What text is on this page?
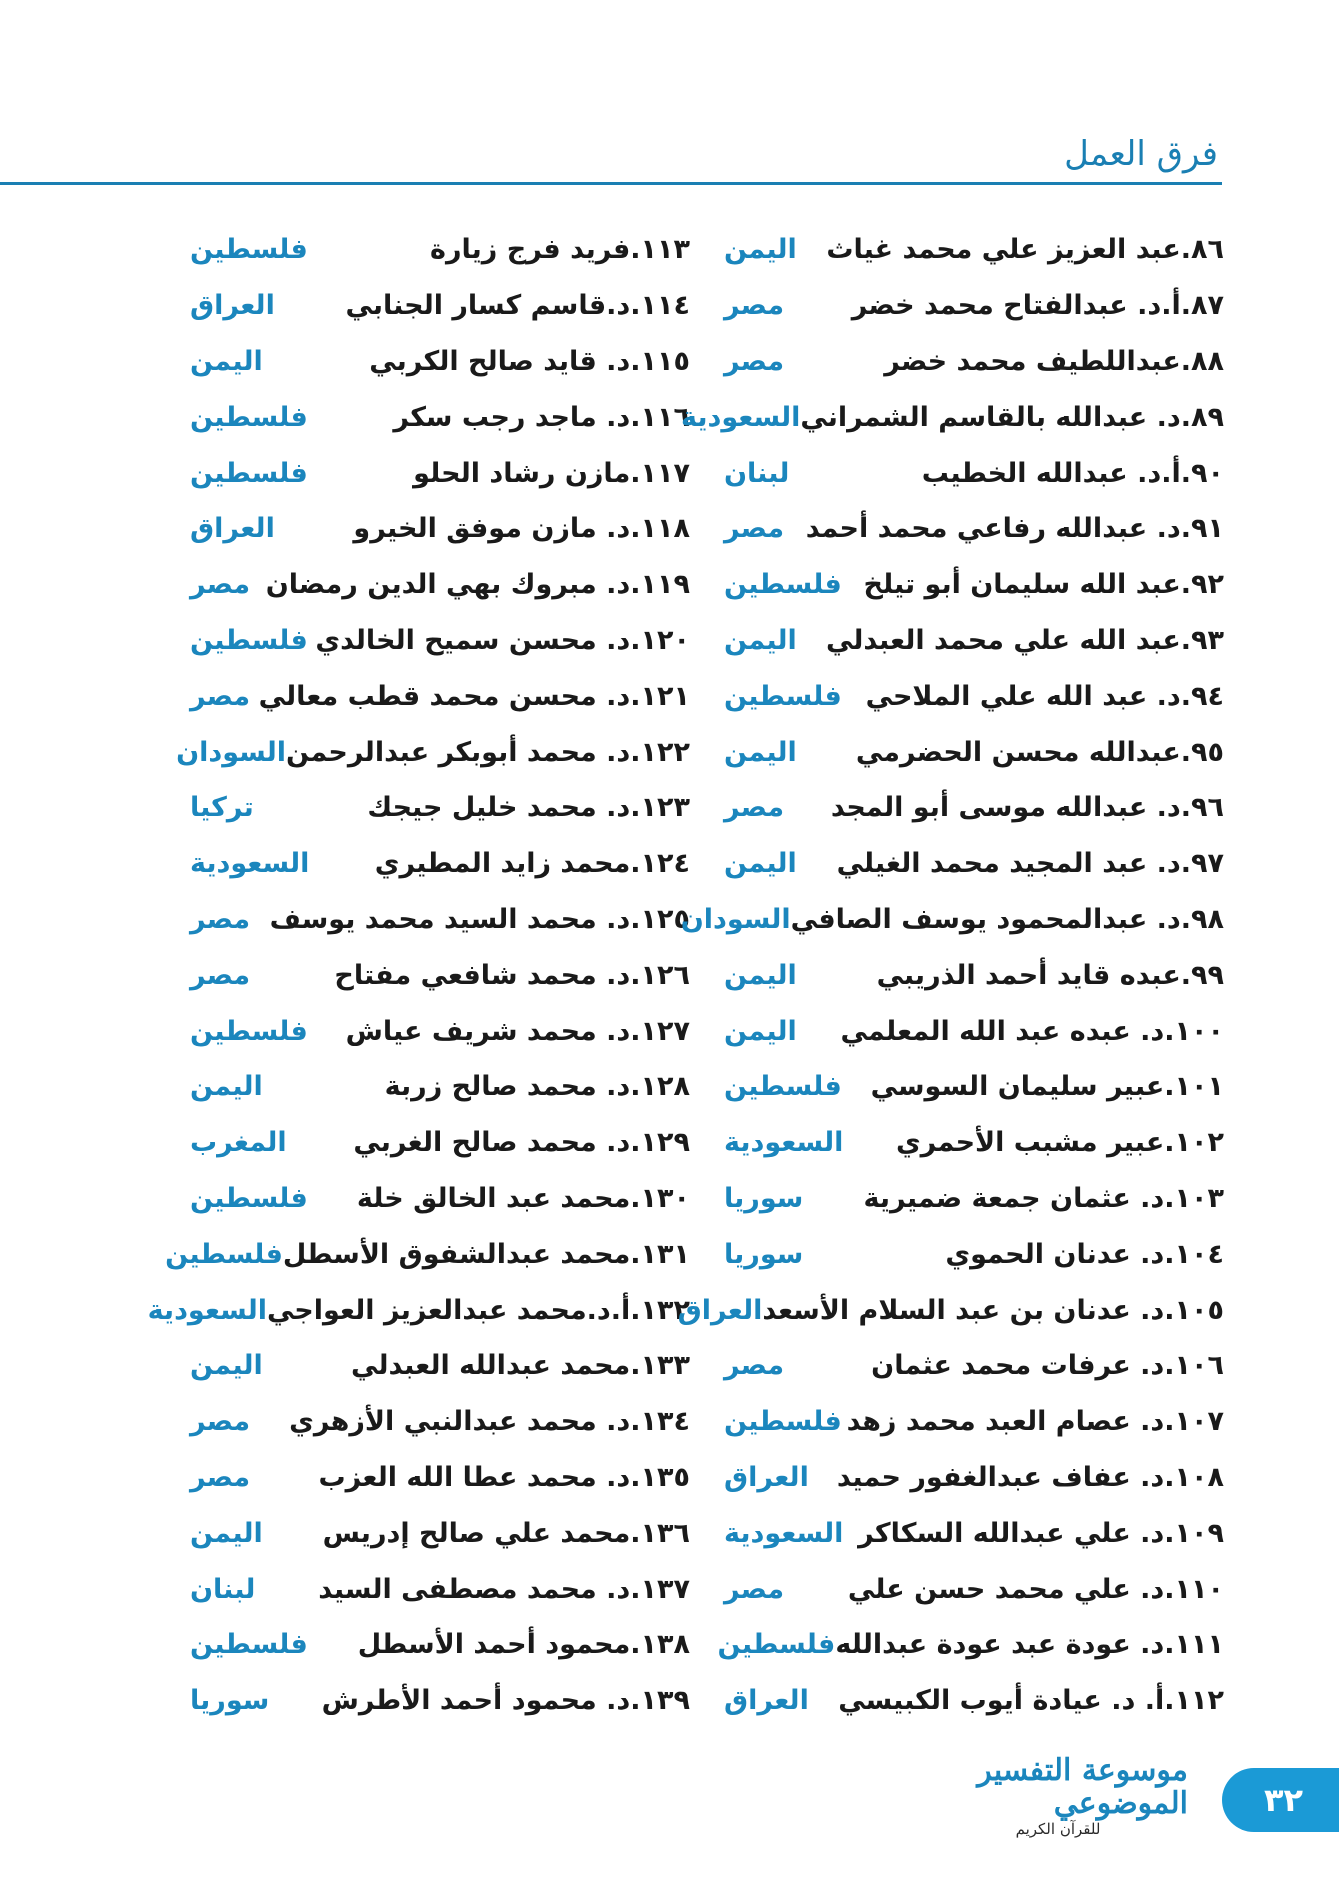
فرق العمل
٨٦.عبد العزيز علي محمد غياث
اليمن
٨٧.أ.د. عبدالفتاح محمد خضر
مصر
٨٨.عبداللطيف محمد خضر
مصر
٨٩.د. عبدالله بالقاسم الشمراني
السعودية
٩٠.أ.د. عبدالله الخطيب
لبنان
٩١.د. عبدالله رفاعي محمد أحمد
مصر
٩٢.عبد الله سليمان أبو تيلخ
فلسطين
٩٣.عبد الله علي محمد العبدلي
اليمن
٩٤.د. عبد الله علي الملاحي
فلسطين
٩٥.عبدالله محسن الحضرمي
اليمن
٩٦.د. عبدالله موسى أبو المجد
مصر
٩٧.د. عبد المجيد محمد الغيلي
اليمن
٩٨.د. عبدالمحمود يوسف الصافي
السودان
٩٩.عبده قايد أحمد الذريبي
اليمن
١٠٠.د. عبده عبد الله المعلمي
اليمن
١٠١.عبير سليمان السوسي
فلسطين
١٠٢.عبير مشبب الأحمري
السعودية
١٠٣.د. عثمان جمعة ضميرية
سوريا
١٠٤.د. عدنان الحموي
سوريا
١٠٥.د. عدنان بن عبد السلام الأسعد
العراق
١٠٦.د. عرفات محمد عثمان
مصر
١٠٧.د. عصام العبد محمد زهد
فلسطين
١٠٨.د. عفاف عبدالغفور حميد
العراق
١٠٩.د. علي عبدالله السكاكر
السعودية
١١٠.د. علي محمد حسن علي
مصر
١١١.د. عودة عبد عودة عبدالله
فلسطين
١١٢.أ. د. عيادة أيوب الكبيسي
العراق
١١٣.فريد فرج زيارة
فلسطين
١١٤.د.قاسم كسار الجنابي
العراق
١١٥.د. قايد صالح الكربي
اليمن
١١٦.د. ماجد رجب سكر
فلسطين
١١٧.مازن رشاد الحلو
فلسطين
١١٨.د. مازن موفق الخيرو
العراق
١١٩.د. مبروك بهي الدين رمضان
مصر
١٢٠.د. محسن سميح الخالدي
فلسطين
١٢١.د. محسن محمد قطب معالي
مصر
١٢٢.د. محمد أبوبكر عبدالرحمن
السودان
١٢٣.د. محمد خليل جيجك
تركيا
١٢٤.محمد زايد المطيري
السعودية
١٢٥.د. محمد السيد محمد يوسف
مصر
١٢٦.د. محمد شافعي مفتاح
مصر
١٢٧.د. محمد شريف عياش
فلسطين
١٢٨.د. محمد صالح زربة
اليمن
١٢٩.د. محمد صالح الغربي
المغرب
١٣٠.محمد عبد الخالق خلة
فلسطين
١٣١.محمد عبدالشفوق الأسطل
فلسطين
١٣٢.أ.د.محمد عبدالعزيز العواجي
السعودية
١٣٣.محمد عبدالله العبدلي
اليمن
١٣٤.د. محمد عبدالنبي الأزهري
مصر
١٣٥.د. محمد عطا الله العزب
مصر
١٣٦.محمد علي صالح إدريس
اليمن
١٣٧.د. محمد مصطفى السيد
لبنان
١٣٨.محمود أحمد الأسطل
فلسطين
١٣٩.د. محمود أحمد الأطرش
سوريا
موسوعة التفسير الموضوعي
للقرآن الكريم
٣٢
